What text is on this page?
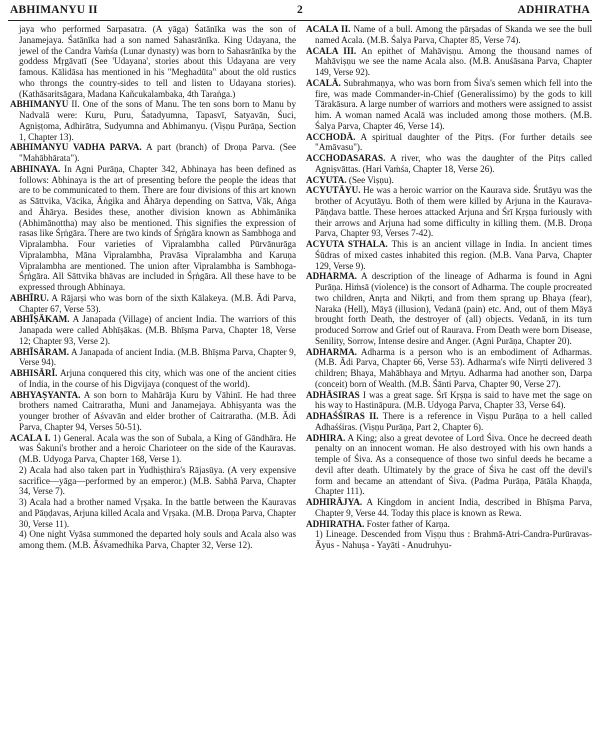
ABHIMANYU II	2	ADHIRATHA

jaya who performed Sarpasatra. (A yāga) Śatānīka was the son of Janamejaya. Śatānīka had a son named Sahasrānīka. King Udayana, the jewel of the Candra Vaṁśa (Lunar dynasty) was born to Sahasrānīka by the goddess Mṛgāvatī (See 'Udayana', stories about this Udayana are very famous. Kālidāsa has mentioned in his "Meghadūta" about the old rustics who throngs the country-sides to tell and listen to Udayana stories). (Kathāsaritsāgara, Madana Kañcukalambaka, 4th Taraṅga.)

ABHIMANYU II. One of the sons of Manu. The ten sons born to Manu by Nadvalā were: Kuru, Puru, Śatadyumna, Tapasvī, Satyavān, Śuci, Agniṣṭoma, Adhirātra, Sudyumna and Abhimanyu. (Viṣṇu Purāṇa, Section 1, Chapter 13).

ABHIMANYU VADHA PARVA. A part (branch) of Droṇa Parva. (See "Mahābhārata").

ABHINAYA. In Agni Purāṇa, Chapter 342, Abhinaya has been defined as follows: Abhinaya is the art of presenting before the people the ideas that are to be communicated to them. There are four divisions of this art known as Sāttvika, Vācika, Āṅgika and Āhārya depending on Sattva, Vāk, Aṅga and Āhārya. Besides these, another division known as Abhimānika (Abhimānottha) may also be mentioned. This signifies the expression of rasas like Śṛṅgāra. There are two kinds of Śṛṅgāra known as Sambhoga and Vipralambha. Four varieties of Vipralambha called Pūrvānurāga Vipralambha, Māna Vipralambha, Pravāsa Vipralambha and Karuṇa Vipralambha are mentioned. The union after Vipralambha is Sambhoga-Śṛṅgāra. All Sāttvika bhāvas are included in Śṛṅgāra. All these have to be expressed through Abhinaya.

ABHĪRU. A Rājarṣi who was born of the sixth Kālakeya. (M.B. Ādi Parva, Chapter 67, Verse 53).

ABHĪṢĀKAM. A Janapada (Village) of ancient India. The warriors of this Janapada were called Abhīṣākas. (M.B. Bhīṣma Parva, Chapter 18, Verse 12; Chapter 93, Verse 2).

ABHĪSĀRAM. A Janapada of ancient India. (M.B. Bhīṣma Parva, Chapter 9, Verse 94).

ABHISĀRĪ. Arjuna conquered this city, which was one of the ancient cities of India, in the course of his Digvijaya (conquest of the world).

ABHYAṢYANTA. A son born to Mahārāja Kuru by Vāhinī. He had three brothers named Caitraratha, Muni and Janamejaya. Abhiṣyanta was the younger brother of Aśvavān and elder brother of Caitraratha. (M.B. Ādi Parva, Chapter 94, Verses 50-51).

ACALA I. 1) General. Acala was the son of Subala, a King of Gāndhāra. He was Śakuni's brother and a heroic Charioteer on the side of the Kauravas. (M.B. Udyoga Parva, Chapter 168, Verse 1).

2) Acala had also taken part in Yudhiṣṭhira's Rājasūya. (A very expensive sacrifice—yāga—performed by an emperor.) (M.B. Sabhā Parva, Chapter 34, Verse 7).

3) Acala had a brother named Vṛṣaka. In the battle between the Kauravas and Pāṇḍavas, Arjuna killed Acala and Vṛṣaka. (M.B. Droṇa Parva, Chapter 30, Verse 11).

4) One night Vyāsa summoned the departed holy souls and Acala also was among them. (M.B. Āśvamedhika Parva, Chapter 32, Verse 12).

ACALA II. Name of a bull. Among the pārṣadas of Skanda we see the bull named Acala. (M.B. Śalya Parva, Chapter 85, Verse 74).

ACALA III. An epithet of Mahāviṣṇu. Among the thousand names of Mahāviṣṇu we see the name Acala also. (M.B. Anuśāsana Parva, Chapter 149, Verse 92).

ACALĀ. Subrahmaṇya, who was born from Śiva's semen which fell into the fire, was made Commander-in-Chief (Generalissimo) by the gods to kill Tārakāsura. A large number of warriors and mothers were assigned to assist him. A woman named Acalā was included among those mothers. (M.B. Śalya Parva, Chapter 46, Verse 14).

ACCHODĀ. A spiritual daughter of the Pitṛs. (For further details see "Amāvasu").

ACCHODASARAS. A river, who was the daughter of the Pitṛs called Agniṣvāttas. (Hari Vaṁśa, Chapter 18, Verse 26).

ACYUTA. (See Viṣṇu).

ACYUTĀYU. He was a heroic warrior on the Kaurava side. Śrutāyu was the brother of Acyutāyu. Both of them were killed by Arjuna in the Kaurava-Pāṇḍava battle. These heroes attacked Arjuna and Śrī Kṛṣṇa furiously with their arrows and Arjuna had some difficulty in killing them. (M.B. Droṇa Parva, Chapter 93, Verses 7-42).

ACYUTA STHALA. This is an ancient village in India. In ancient times Śūdras of mixed castes inhabited this region. (M.B. Vana Parva, Chapter 129, Verse 9).

ADHARMA. A description of the lineage of Adharma is found in Agni Purāṇa. Hiṁsā (violence) is the consort of Adharma. The couple procreated two children, Anṛta and Nikṛti, and from them sprang up Bhaya (fear), Naraka (Hell), Māyā (illusion), Vedanā (pain) etc. And, out of them Māyā brought forth Death, the destroyer of (all) objects. Vedanā, in its turn produced Sorrow and Grief out of Raurava. From Death were born Disease, Senility, Sorrow, Intense desire and Anger. (Agni Purāṇa, Chapter 20).

ADHARMA. Adharma is a person who is an embodiment of Adharmas. (M.B. Ādi Parva, Chapter 66, Verse 53). Adharma's wife Nirṛti delivered 3 children; Bhaya, Mahābhaya and Mṛtyu. Adharma had another son, Darpa (conceit) born of Wealth. (M.B. Śānti Parva, Chapter 90, Verse 27).

ADHĀSIRAS I was a great sage. Śrī Kṛṣṇa is said to have met the sage on his way to Hastināpura. (M.B. Udyoga Parva, Chapter 33, Verse 64).

ADHAŚŚIRAS II. There is a reference in Viṣṇu Purāṇa to a hell called Adhaśśiras. (Viṣṇu Purāṇa, Part 2, Chapter 6).

ADHIRA. A King; also a great devotee of Lord Śiva. Once he decreed death penalty on an innocent woman. He also destroyed with his own hands a temple of Śiva. As a consequence of those two sinful deeds he became a devil after death. Ultimately by the grace of Śiva he cast off the devil's form and became an attendant of Śiva. (Padma Purāṇa, Pātāla Khaṇḍa, Chapter 111).

ADHIRĀJYA. A Kingdom in ancient India, described in Bhīṣma Parva, Chapter 9, Verse 44. Today this place is known as Rewa.

ADHIRATHA. Foster father of Karṇa.

1) Lineage. Descended from Viṣṇu thus : Brahmā-Atri-Candra-Purūravas-Āyus - Nahuṣa - Yayāti - Anudruhyu-
